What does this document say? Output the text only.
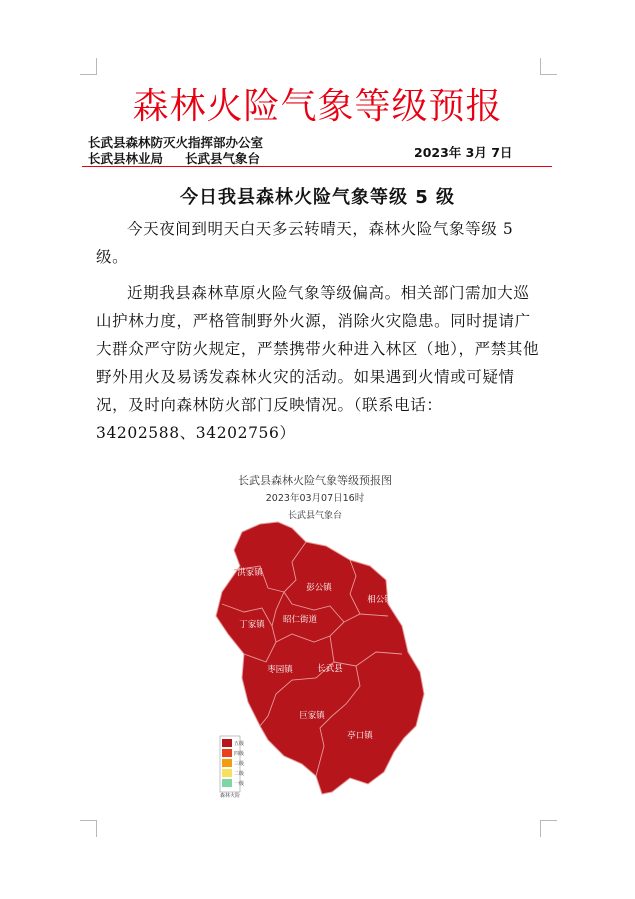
森林火险气象等级预报
长武县森林防灭火指挥部办公室
长武县林业局 长武县气象台	2023年 3月 7日
今日我县森林火险气象等级 5 级
今天夜间到明天白天多云转晴天，森林火险气象等级 5 级。
近期我县森林草原火险气象等级偏高。相关部门需加大巡山护林力度，严格管制野外火源，消除火灾隐患。同时提请广大群众严守防火规定，严禁携带火种进入林区（地），严禁其他野外用火及易诱发森林火灾的活动。如果遇到火情或可疑情况，及时向森林防火部门反映情况。（联系电话：34202588、34202756）
长武县森林火险气象等级预报图
2023年03月07日16时
长武县气象台
洪家镇
彭公镇
相公镇
丁家镇 昭仁街道
枣园镇	长武县
巨家镇
亭口镇
五级
四级
三级
二级
一级
森林火险
